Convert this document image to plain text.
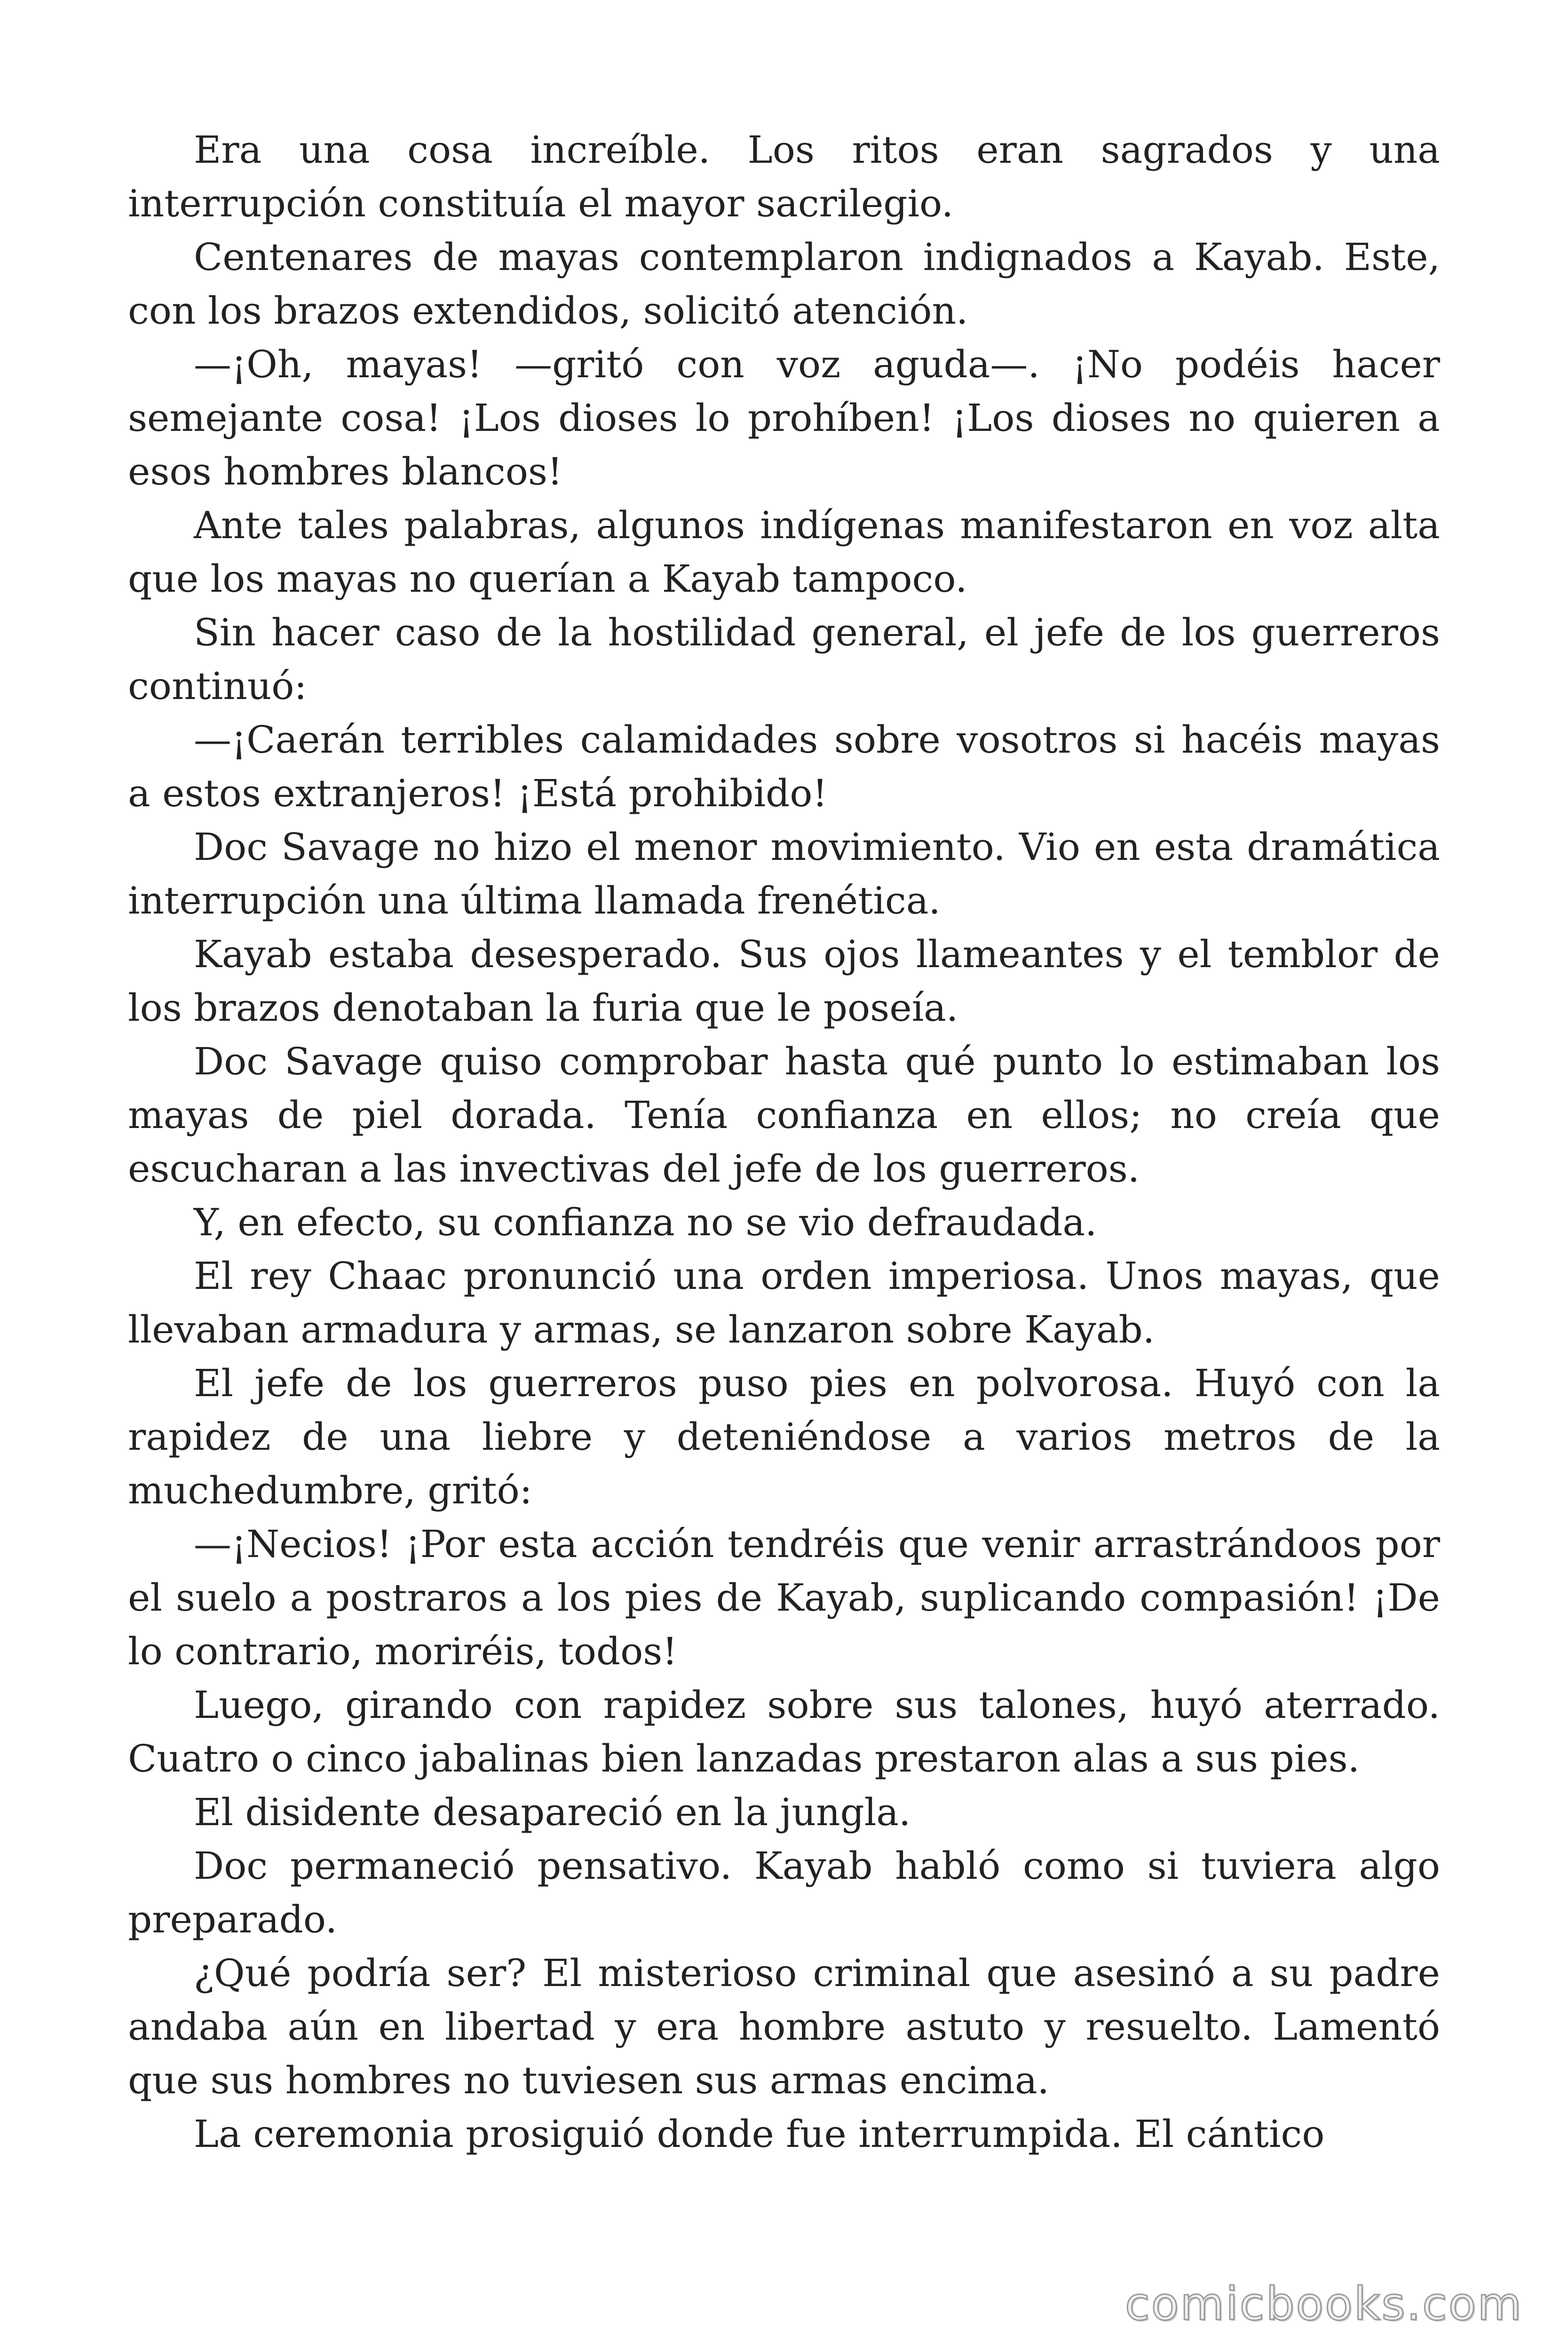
Era una cosa increíble. Los ritos eran sagrados y una interrupción constituía el mayor sacrilegio.

Centenares de mayas contemplaron indignados a Kayab. Este, con los brazos extendidos, solicitó atención.

—¡Oh, mayas! —gritó con voz aguda—. ¡No podéis hacer semejante cosa! ¡Los dioses lo prohíben! ¡Los dioses no quieren a esos hombres blancos!

Ante tales palabras, algunos indígenas manifestaron en voz alta que los mayas no querían a Kayab tampoco.

Sin hacer caso de la hostilidad general, el jefe de los guerreros continuó:

—¡Caerán terribles calamidades sobre vosotros si hacéis mayas a estos extranjeros! ¡Está prohibido!

Doc Savage no hizo el menor movimiento. Vio en esta dramática interrupción una última llamada frenética.

Kayab estaba desesperado. Sus ojos llameantes y el temblor de los brazos denotaban la furia que le poseía.

Doc Savage quiso comprobar hasta qué punto lo estimaban los mayas de piel dorada. Tenía confianza en ellos; no creía que escucharan a las invectivas del jefe de los guerreros.

Y, en efecto, su confianza no se vio defraudada.

El rey Chaac pronunció una orden imperiosa. Unos mayas, que llevaban armadura y armas, se lanzaron sobre Kayab.

El jefe de los guerreros puso pies en polvorosa. Huyó con la rapidez de una liebre y deteniéndose a varios metros de la muchedumbre, gritó:

—¡Necios! ¡Por esta acción tendréis que venir arrastrándoos por el suelo a postraros a los pies de Kayab, suplicando compasión! ¡De lo contrario, moriréis, todos!

Luego, girando con rapidez sobre sus talones, huyó aterrado. Cuatro o cinco jabalinas bien lanzadas prestaron alas a sus pies.

El disidente desapareció en la jungla.

Doc permaneció pensativo. Kayab habló como si tuviera algo preparado.

¿Qué podría ser? El misterioso criminal que asesinó a su padre andaba aún en libertad y era hombre astuto y resuelto. Lamentó que sus hombres no tuviesen sus armas encima.

La ceremonia prosiguió donde fue interrumpida. El cántico

comicbooks.com
